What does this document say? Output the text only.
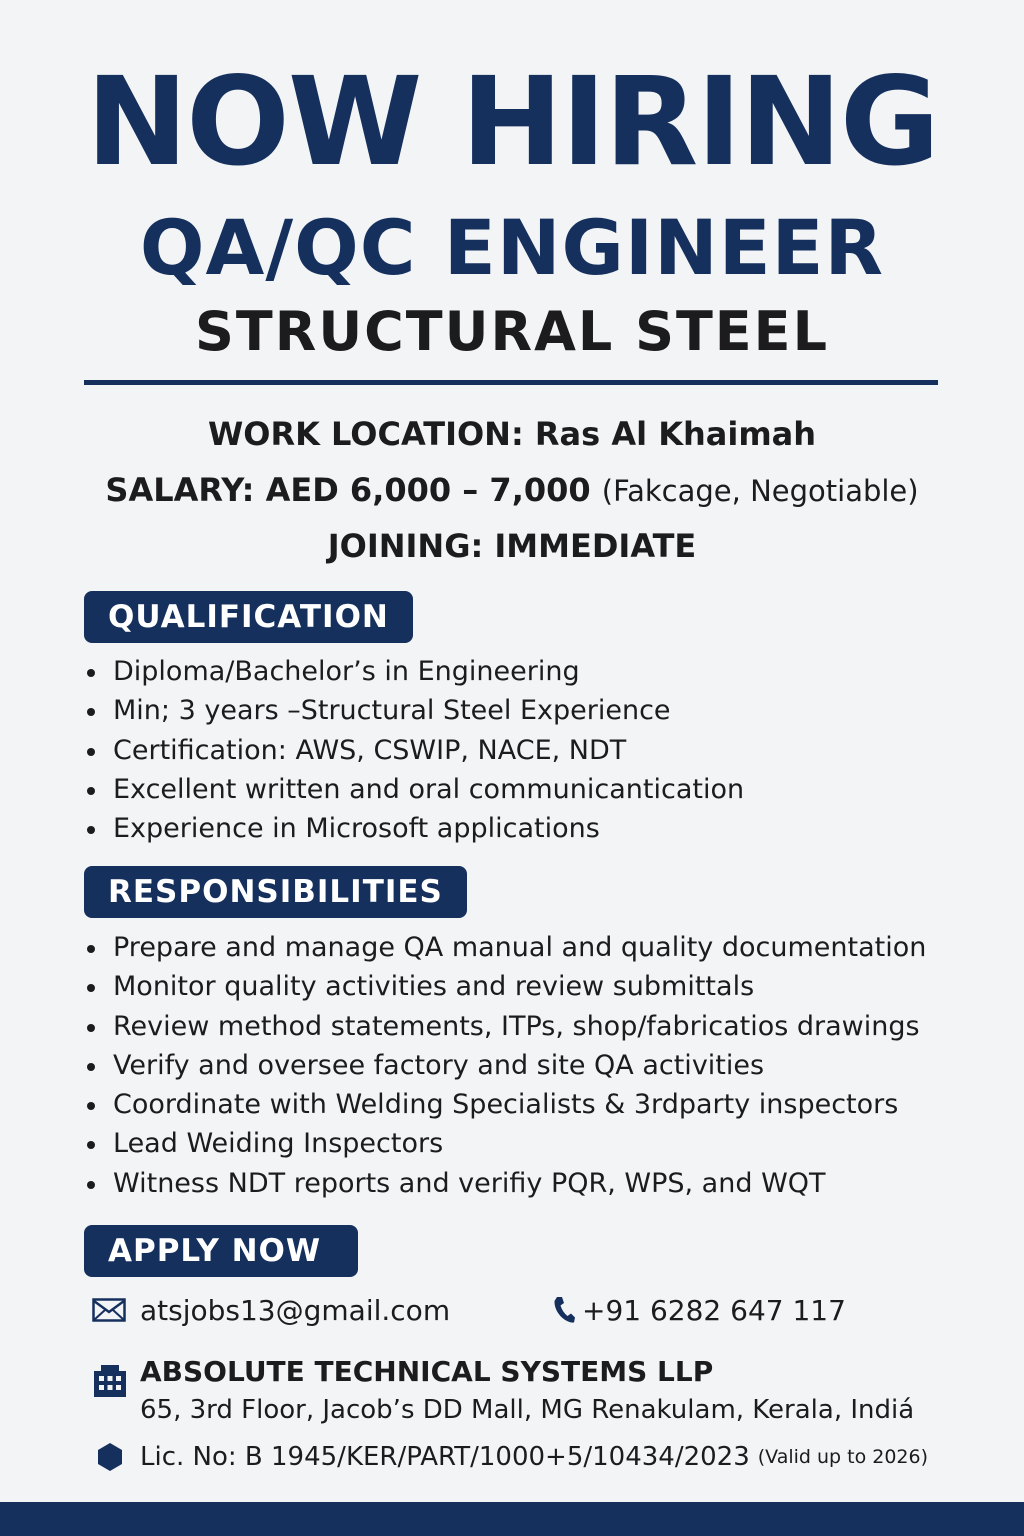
NOW HIRING
QA/QC ENGINEER
STRUCTURAL STEEL
WORK LOCATION: Ras Al Khaimah
SALARY: AED 6,000 – 7,000 (Fakcage, Negotiable)
JOINING: IMMEDIATE
QUALIFICATION
Diploma/Bachelor’s in Engineering
Min; 3 years –Structural Steel Experience
Certification: AWS, CSWIP, NACE, NDT
Excellent written and oral communicantication
Experience in Microsoft applications
RESPONSIBILITIES
Prepare and manage QA manual and quality documentation
Monitor quality activities and review submittals
Review method statements, ITPs, shop/fabricatios drawings
Verify and oversee factory and site QA activities
Coordinate with Welding Specialists & 3rdparty inspectors
Lead Weiding Inspectors
Witness NDT reports and verifiy PQR, WPS, and WQT
APPLY NOW
atsjobs13@gmail.com	+91 6282 647 117
ABSOLUTE TECHNICAL SYSTEMS LLP
65, 3rd Floor, Jacob’s DD Mall, MG Renakulam, Kerala, Indiá
Lic. No: B 1945/KER/PART/1000+5/10434/2023 (Valid up to 2026)
